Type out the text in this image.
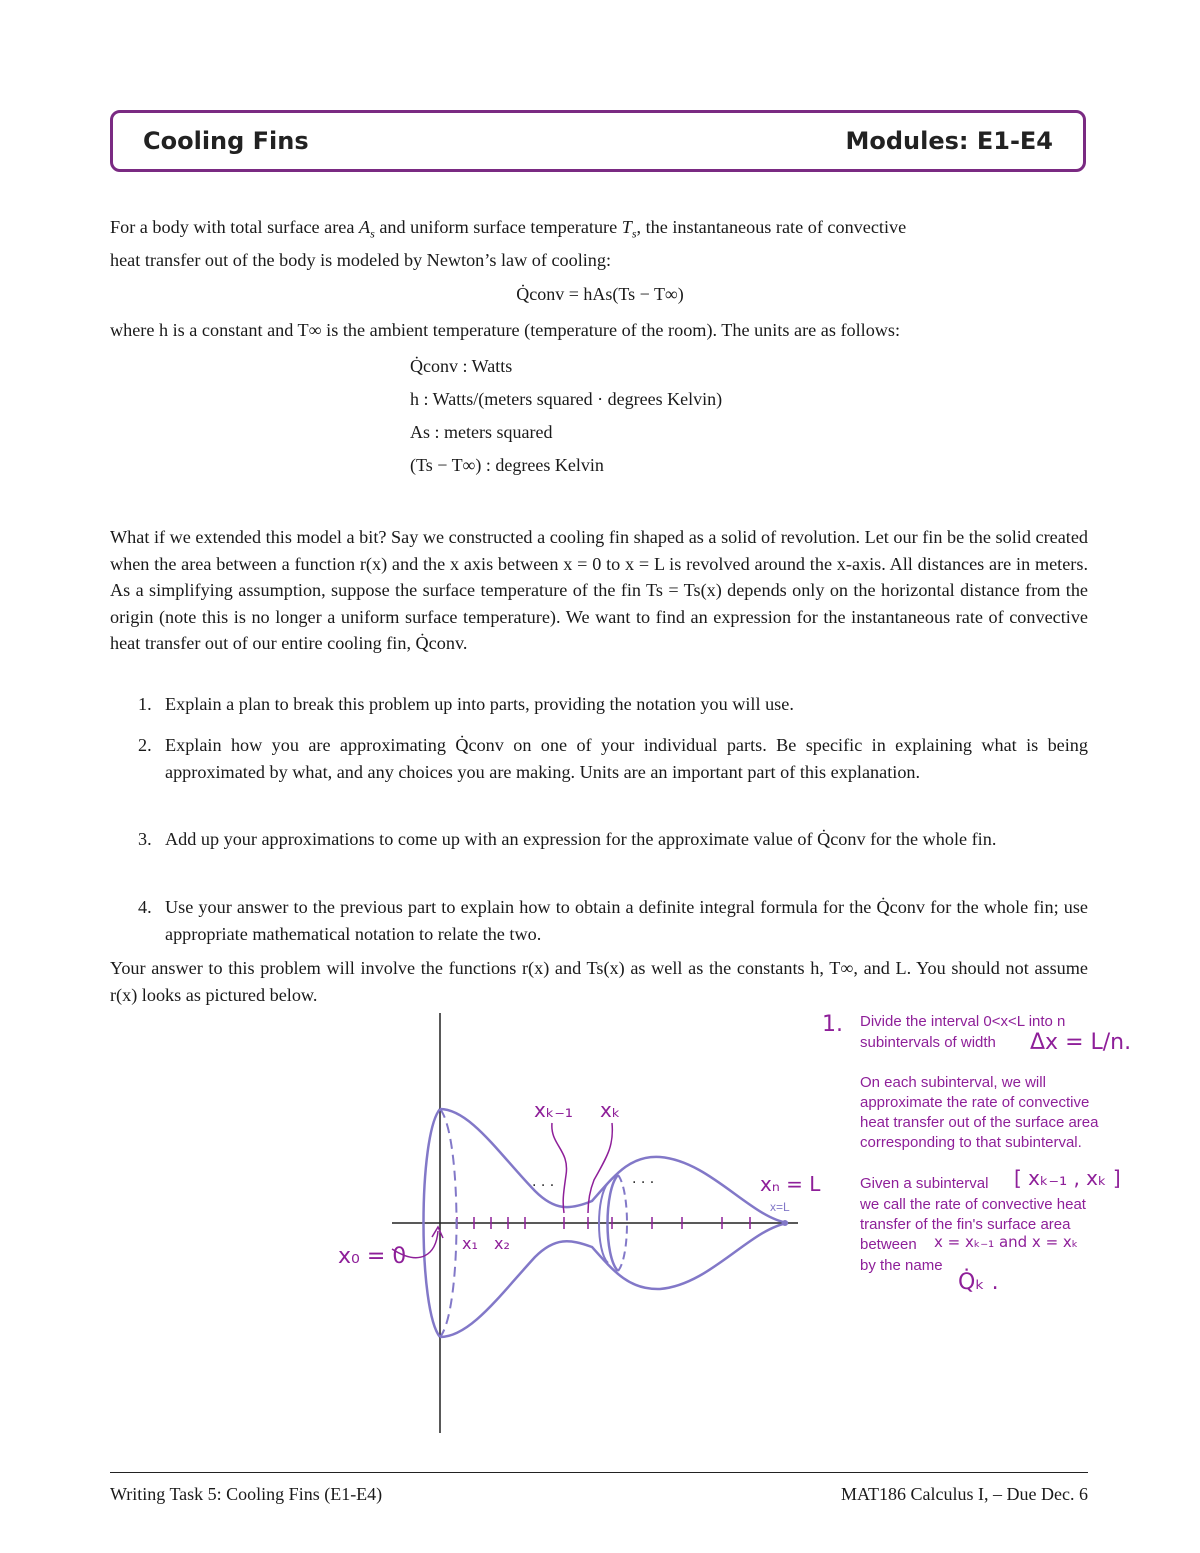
Cooling Fins	Modules: E1-E4
For a body with total surface area $A_s$ and uniform surface temperature $T_s$, the instantaneous rate of convective
heat transfer out of the body is modeled by Newton’s law of cooling:
Q̇conv = hAs(Ts − T∞)
where h is a constant and T∞ is the ambient temperature (temperature of the room). The units are as follows:
Q̇conv : Watts
h : Watts/(meters squared · degrees Kelvin)
As : meters squared
(Ts − T∞) : degrees Kelvin
What if we extended this model a bit? Say we constructed a cooling fin shaped as a solid of revolution. Let our fin be the solid created when the area between a function r(x) and the x axis between x = 0 to x = L is revolved around the x-axis. All distances are in meters. As a simplifying assumption, suppose the surface temperature of the fin Ts = Ts(x) depends only on the horizontal distance from the origin (note this is no longer a uniform surface temperature). We want to find an expression for the instantaneous rate of convective heat transfer out of our entire cooling fin, Q̇conv.
1. Explain a plan to break this problem up into parts, providing the notation you will use.
2. Explain how you are approximating Q̇conv on one of your individual parts. Be specific in explaining what is being approximated by what, and any choices you are making. Units are an important part of this explanation.
3. Add up your approximations to come up with an expression for the approximate value of Q̇conv for the whole fin.
4. Use your answer to the previous part to explain how to obtain a definite integral formula for the Q̇conv for the whole fin; use appropriate mathematical notation to relate the two.
Your answer to this problem will involve the functions r(x) and Ts(x) as well as the constants h, T∞, and L. You should not assume r(x) looks as pictured below.
· · ·	· · ·
x=L
x₀ = 0
x₁ x₂
xₖ₋₁ xₖ
xₙ = L
1. Divide the interval 0<x<L into n
subintervals of width Δx = L/n.
On each subinterval, we will
approximate the rate of convective
heat transfer out of the surface area
corresponding to that subinterval.
Given a subinterval [ xₖ₋₁ , xₖ ]
we call the rate of convective heat
transfer of the fin's surface area
between x = xₖ₋₁ and x = xₖ
by the name
Q̇ₖ .
Writing Task 5: Cooling Fins (E1-E4)	MAT186 Calculus I, – Due Dec. 6
